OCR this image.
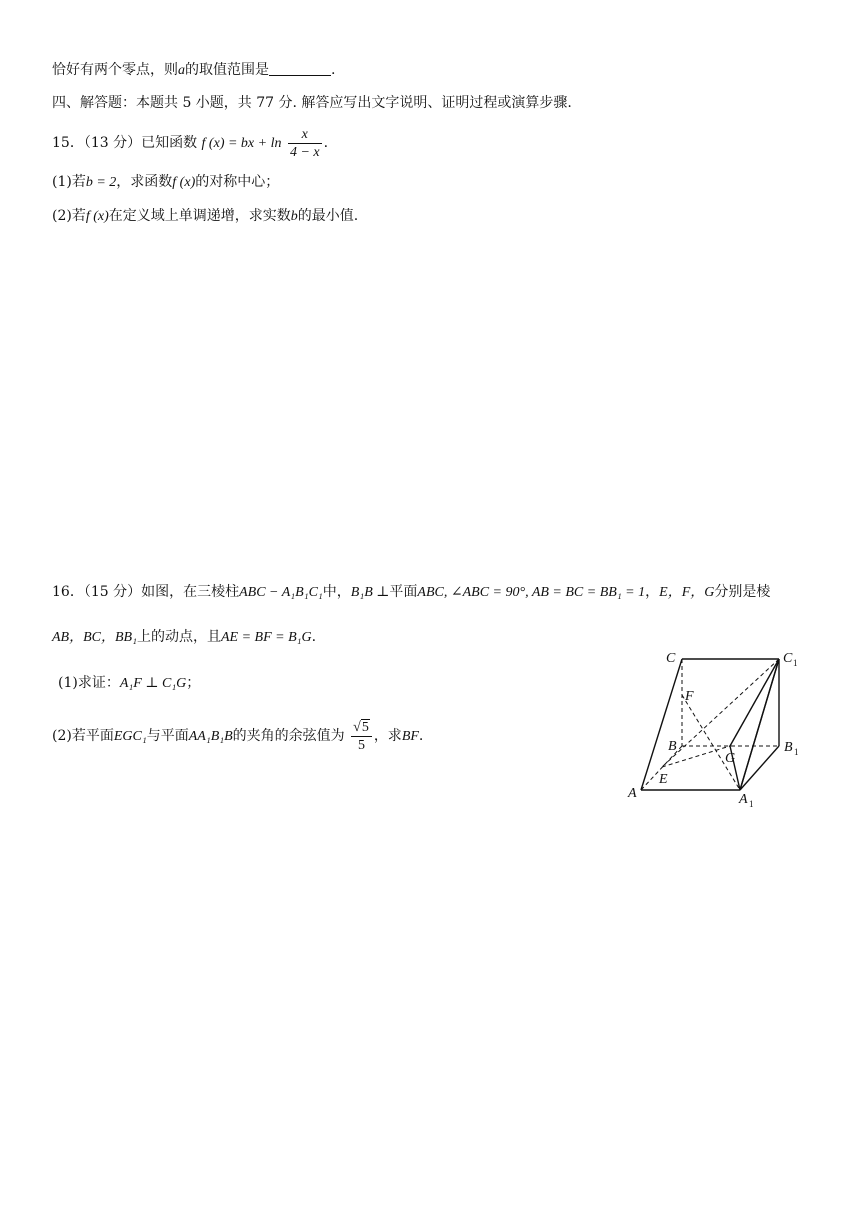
恰好有两个零点，则a的取值范围是	.
四、解答题：本题共 5 小题，共 77 分. 解答应写出文字说明、证明过程或演算步骤.
15．（13 分）已知函数 f (x) = bx + $\ln \frac{x}{4 - x}$ .
(1)若b = 2，求函数f (x)的对称中心；
(2)若f (x)在定义域上单调递增，求实数b的最小值.
16．（15 分）如图，在三棱柱ABC − A₁B₁C₁中，B₁B ⊥平面ABC, ∠ABC = 90°, AB = BC = BB₁ = 1，E，F，G分别是棱
AB，BC，BB₁上的动点，且AE = BF = B₁G.
(1)求证：A₁F ⊥ C₁G；
(2)若平面EGC₁与平面AA₁B₁B的夹角的余弦值为 $\frac{√5}{5}$ ，求BF.
C	C 1
F
B	B 1
G
E
A	A 1
